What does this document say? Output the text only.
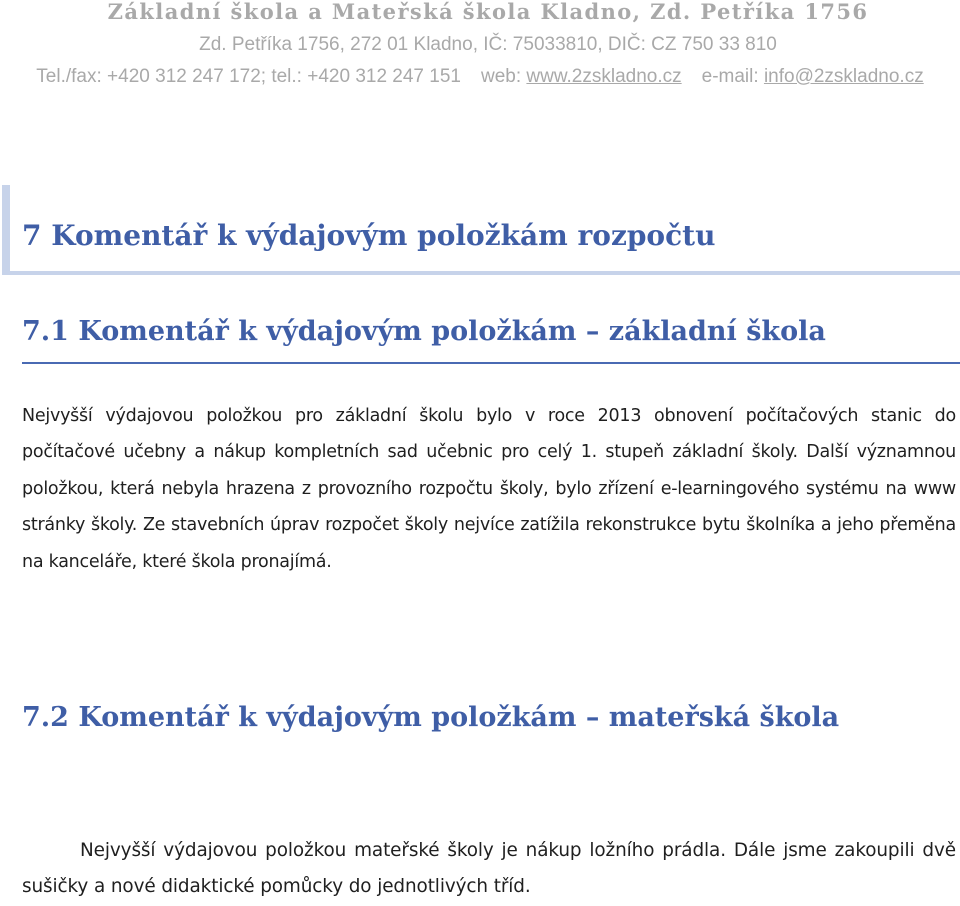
Základní škola a Mateřská škola Kladno, Zd. Petříka 1756
Zd. Petříka 1756, 272 01 Kladno, IČ: 75033810, DIČ: CZ 750 33 810
Tel./fax: +420 312 247 172; tel.: +420 312 247 151 web: www.2zskladno.cz e-mail: info@2zskladno.cz
7 Komentář k výdajovým položkám rozpočtu
7.1 Komentář k výdajovým položkám – základní škola

Nejvyšší výdajovou položkou pro základní školu bylo v roce 2013 obnovení počítačových stanic do počítačové učebny a nákup kompletních sad učebnic pro celý 1. stupeň základní školy. Další významnou položkou, která nebyla hrazena z provozního rozpočtu školy, bylo zřízení e-learningového systému na www stránky školy. Ze stavebních úprav rozpočet školy nejvíce zatížila rekonstrukce bytu školníka a jeho přeměna na kanceláře, které škola pronajímá.

7.2 Komentář k výdajovým položkám – mateřská škola

Nejvyšší výdajovou položkou mateřské školy je nákup ložního prádla. Dále jsme zakoupili dvě sušičky a nové didaktické pomůcky do jednotlivých tříd.
